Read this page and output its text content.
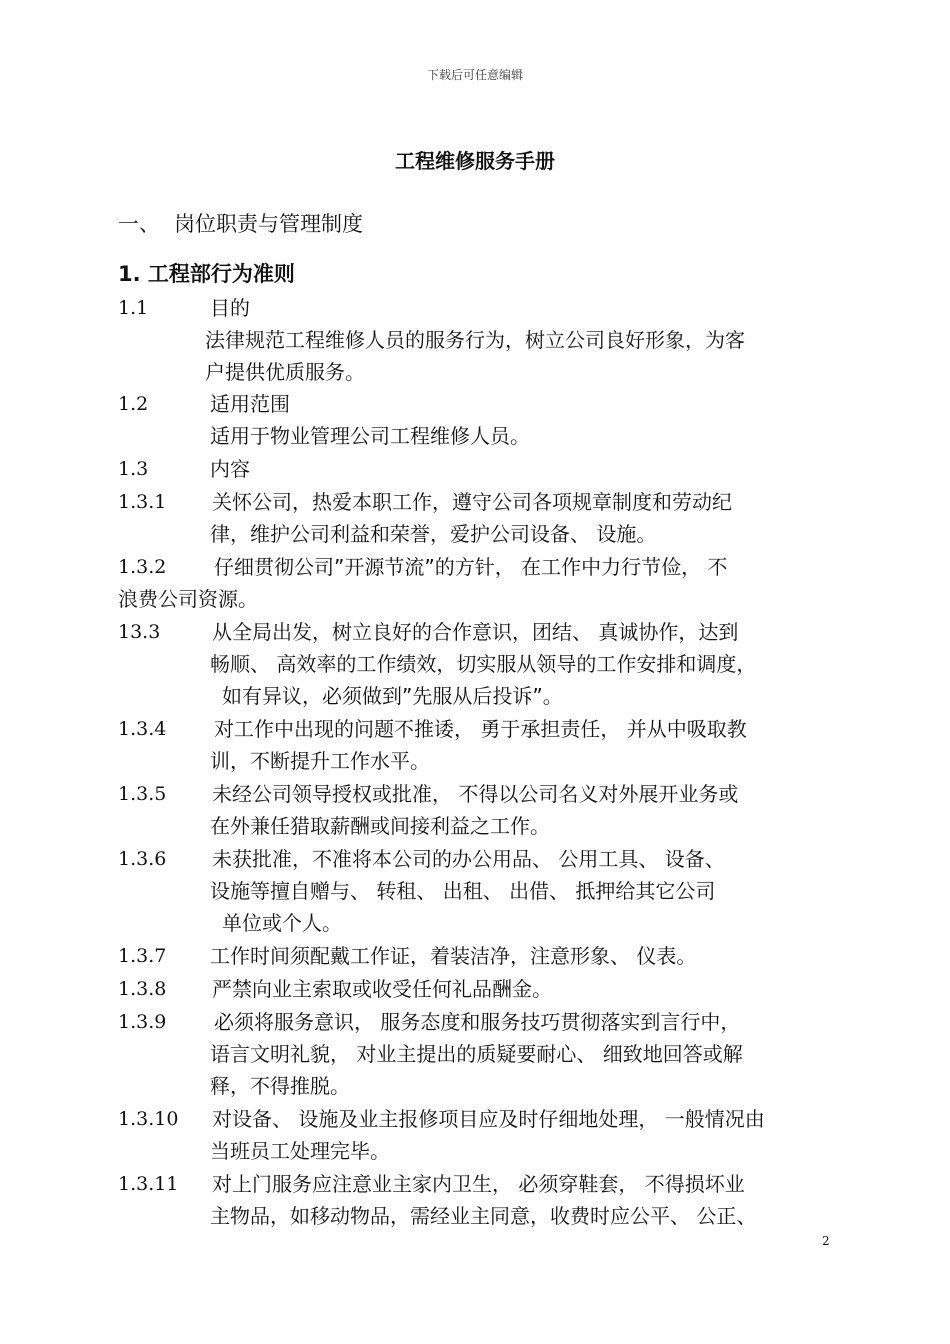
下载后可任意编辑
工程维修服务手册
一、 岗位职责与管理制度
1. 工程部行为准则
1.1	目的
法律规范工程维修人员的服务行为，树立公司良好形象，为客
户提供优质服务。
1.2	适用范围
适用于物业管理公司工程维修人员。
1.3	内容
1.3.1 关怀公司，热爱本职工作，遵守公司各项规章制度和劳动纪
律，维护公司利益和荣誉，爱护公司设备、 设施。
1.3.2 仔细贯彻公司”开源节流”的方针， 在工作中力行节俭， 不
浪费公司资源。
13.3	从全局出发，树立良好的合作意识，团结、 真诚协作，达到
畅顺、 高效率的工作绩效，切实服从领导的工作安排和调度，
如有异议，必须做到”先服从后投诉”。
1.3.4 对工作中出现的问题不推诿， 勇于承担责任， 并从中吸取教
训，不断提升工作水平。
1.3.5 未经公司领导授权或批准， 不得以公司名义对外展开业务或
在外兼任猎取薪酬或间接利益之工作。
1.3.6 未获批准，不准将本公司的办公用品、 公用工具、 设备、
设施等擅自赠与、 转租、 出租、 出借、 抵押给其它公司
单位或个人。
1.3.7 工作时间须配戴工作证，着装洁净，注意形象、 仪表。
1.3.8 严禁向业主索取或收受任何礼品酬金。
1.3.9 必须将服务意识， 服务态度和服务技巧贯彻落实到言行中，
语言文明礼貌， 对业主提出的质疑要耐心、 细致地回答或解
释，不得推脱。
1.3.10 对设备、 设施及业主报修项目应及时仔细地处理， 一般情况由
当班员工处理完毕。
1.3.11 对上门服务应注意业主家内卫生， 必须穿鞋套， 不得损坏业
主物品，如移动物品，需经业主同意，收费时应公平、 公正、
2
